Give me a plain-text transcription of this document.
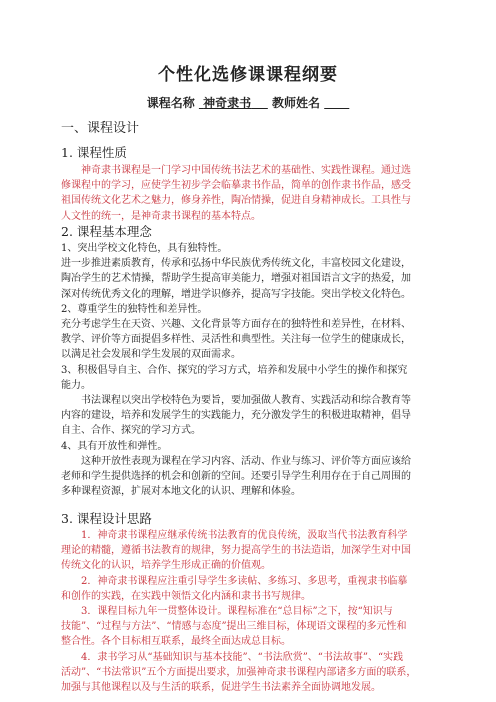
个性化选修课课程纲要
课程名称 神奇隶书 教师姓名
一、课程设计
1. 课程性质
神奇隶书课程是一门学习中国传统书法艺术的基础性、实践性课程。通过选
修课程中的学习，应使学生初步学会临摹隶书作品，简单的创作隶书作品，感受
祖国传统文化艺术之魅力，修身养性，陶冶情操，促进自身精神成长。工具性与
人文性的统一，是神奇隶书课程的基本特点。
2. 课程基本理念
1、突出学校文化特色，具有独特性。
进一步推进素质教育，传承和弘扬中华民族优秀传统文化，丰富校园文化建设，
陶冶学生的艺术情操，帮助学生提高审美能力，增强对祖国语言文字的热爱，加
深对传统优秀文化的理解，增进学识修养，提高写字技能。突出学校文化特色。
2、尊重学生的独特性和差异性。
充分考虑学生在天资、兴趣、文化背景等方面存在的独特性和差异性，在材料、
教学、评价等方面提倡多样性、灵活性和典型性。关注每一位学生的健康成长，
以满足社会发展和学生发展的双面需求。
3、积极倡导自主、合作、探究的学习方式，培养和发展中小学生的操作和探究
能力。
书法课程以突出学校特色为要旨，要加强做人教育、实践活动和综合教育等
内容的建设，培养和发展学生的实践能力，充分激发学生的积极进取精神，倡导
自主、合作、探究的学习方式。
4、具有开放性和弹性。
这种开放性表现为课程在学习内容、活动、作业与练习、评价等方面应该给
老师和学生提供选择的机会和创新的空间。还要引导学生利用存在于自己周围的
多种课程资源，扩展对本地文化的认识、理解和体验。
3. 课程设计思路
1．神奇隶书课程应继承传统书法教育的优良传统，汲取当代书法教育科学
理论的精髓，遵循书法教育的规律，努力提高学生的书法造诣，加深学生对中国
传统文化的认识，培养学生形成正确的价值观。
2．神奇隶书课程应注重引导学生多读帖、多练习、多思考，重视隶书临摹
和创作的实践，在实践中领悟文化内涵和隶书书写规律。
3．课程目标九年一贯整体设计。课程标准在“总目标”之下，按“知识与
技能”、“过程与方法”、“情感与态度”提出三维目标，体现语文课程的多元性和
整合性。各个目标相互联系，最终全面达成总目标。
4．隶书学习从“基础知识与基本技能”、“书法欣赏”、“书法故事”、“实践
活动”、“书法常识”五个方面提出要求，加强神奇隶书课程内部诸多方面的联系，
加强与其他课程以及与生活的联系，促进学生书法素养全面协调地发展。
